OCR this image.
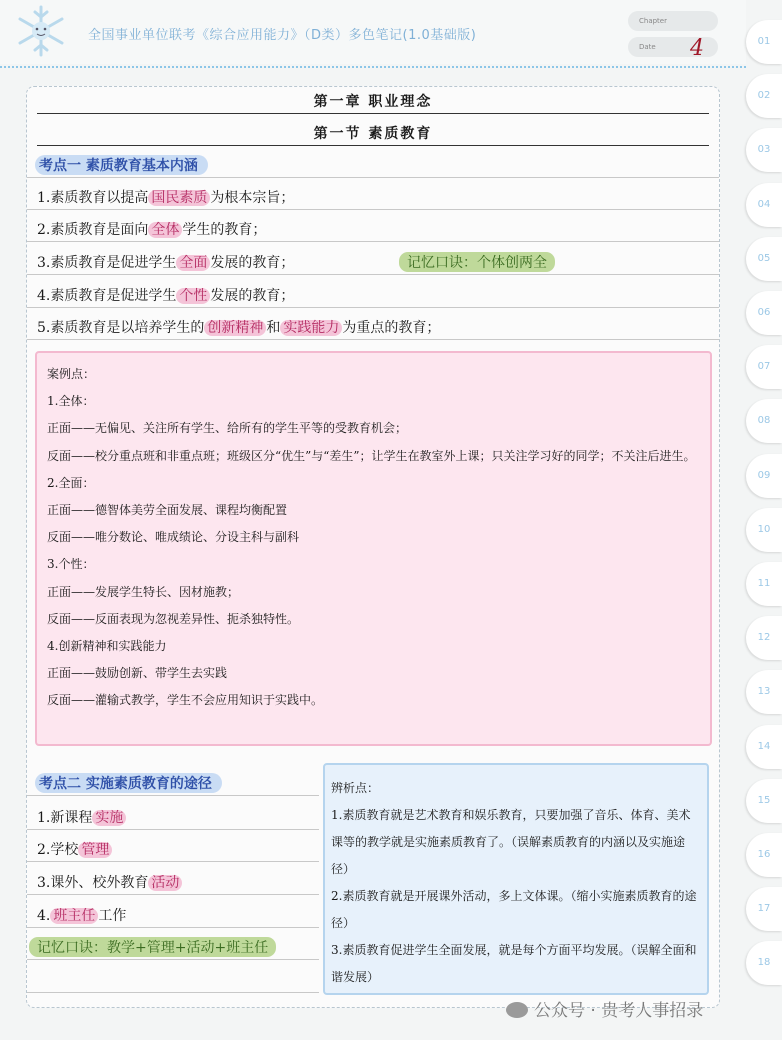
全国事业单位联考《综合应用能力》（D类）多色笔记(1.0基础版)
Chapter
Date	4	01
02
03
04
05
06
07
08
09
10
11
12
13
14
15
16
17
18
第一章 职业理念
第一节 素质教育
考点一 素质教育基本内涵
1.素质教育以提高 国民素质 为根本宗旨；
2.素质教育是面向 全体 学生的教育；
3.素质教育是促进学生 全面 发展的教育；	记忆口诀：个体创两全
4.素质教育是促进学生 个性 发展的教育；
5.素质教育是以培养学生的 创新精神 和 实践能力 为重点的教育；

案例点：

1.全体：

正面——无偏见、关注所有学生、给所有的学生平等的受教育机会；

反面——校分重点班和非重点班；班级区分“优生”与“差生”；让学生在教室外上课；只关注学习好的同学；不关注后进生。

2.全面：

正面——德智体美劳全面发展、课程均衡配置

反面——唯分数论、唯成绩论、分设主科与副科

3.个性：

正面——发展学生特长、因材施教；

反面——反面表现为忽视差异性、扼杀独特性。

4.创新精神和实践能力

正面——鼓励创新、带学生去实践

反面——灌输式教学，学生不会应用知识于实践中。

考点二 实施素质教育的途径
1.新课程 实施
2.学校 管理
3.课外、校外教育 活动
4. 班主任 工作
记忆口诀：教学+管理+活动+班主任

辨析点：

1.素质教育就是艺术教育和娱乐教育，只要加强了音乐、体育、美术课等的教学就是实施素质教育了。（误解素质教育的内涵以及实施途径）

2.素质教育就是开展课外活动，多上文体课。（缩小实施素质教育的途径）

3.素质教育促进学生全面发展，就是每个方面平均发展。（误解全面和谐发展）

公众号 · 贵考人事招录
